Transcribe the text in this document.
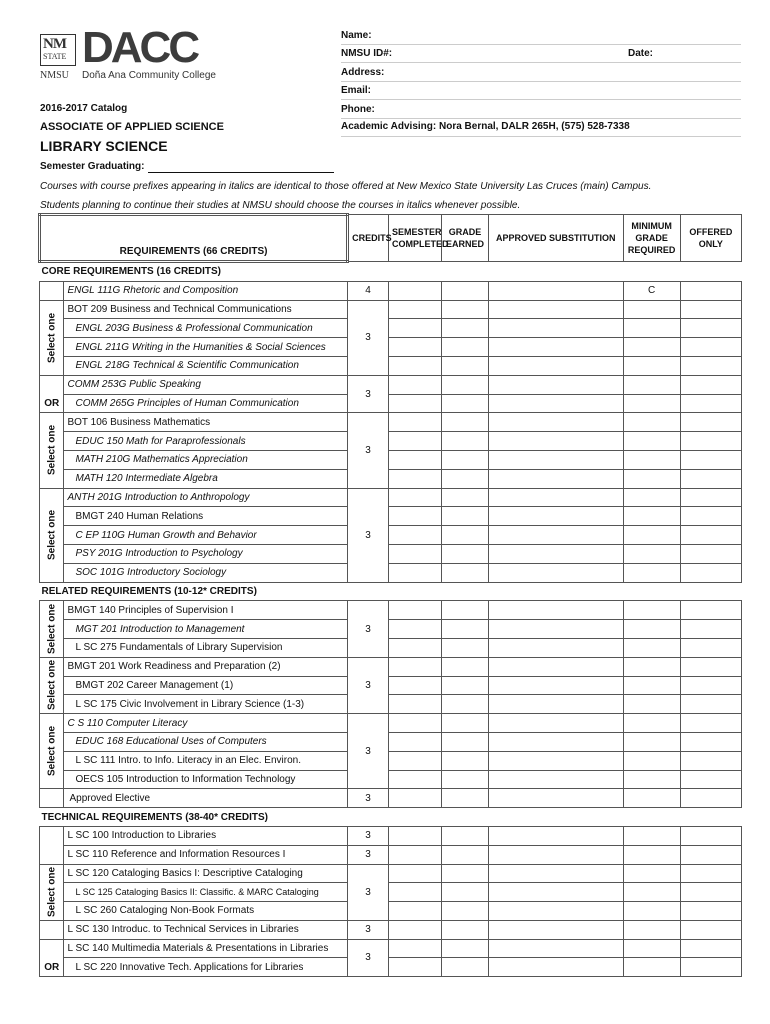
NM
STATE
NMSU
DACC
Doña Ana Community College
Name:
NMSU ID#:	Date:
Address:
Email:
Phone:
Academic Advising: Nora Bernal, DALR 265H, (575) 528-7338
2016-2017 Catalog
ASSOCIATE OF APPLIED SCIENCE
LIBRARY SCIENCE
Semester Graduating:
Courses with course prefixes appearing in italics are identical to those offered at New Mexico State University Las Cruces (main) Campus.
Students planning to continue their studies at NMSU should choose the courses in italics whenever possible.
REQUIREMENTS (66 CREDITS)		CREDITS	SEMESTER COMPLETED	GRADE EARNED	APPROVED SUBSTITUTION	MINIMUM GRADE REQUIRED	OFFERED ONLY
CORE REQUIREMENTS (16 CREDITS)							
	ENGL 111G Rhetoric and Composition	4				C	

Select one	BOT 209 Business and Technical Communications	3					
	ENGL 203G Business & Professional Communication						
	ENGL 211G Writing in the Humanities & Social Sciences						
	ENGL 218G Technical & Scientific Communication						
	COMM 253G Public Speaking	3					
OR	COMM 265G Principles of Human Communication						

Select one	BOT 106 Business Mathematics	3					
	EDUC 150 Math for Paraprofessionals						
	MATH 210G Mathematics Appreciation						
	MATH 120 Intermediate Algebra						

Select one	ANTH 201G Introduction to Anthropology	3					
	BMGT 240 Human Relations						
	C EP 110G Human Growth and Behavior						
	PSY 201G Introduction to Psychology						
	SOC 101G Introductory Sociology						
RELATED REQUIREMENTS (10-12* CREDITS)							

Select one	BMGT 140 Principles of Supervision I	3					
	MGT 201 Introduction to Management						
	L SC 275 Fundamentals of Library Supervision						

Select one	BMGT 201 Work Readiness and Preparation (2)	3					
	BMGT 202 Career Management (1)						
	L SC 175 Civic Involvement in Library Science (1-3)						

Select one	C S 110 Computer Literacy	3					
	EDUC 168 Educational Uses of Computers						
	L SC 111 Intro. to Info. Literacy in an Elec. Environ.						
	OECS 105 Introduction to Information Technology						
	Approved Elective	3					
TECHNICAL REQUIREMENTS (38-40* CREDITS)							
	L SC 100 Introduction to Libraries	3					
	L SC 110 Reference and Information Resources I	3					

Select one	L SC 120 Cataloging Basics I: Descriptive Cataloging	3					
	L SC 125 Cataloging Basics II: Classific. & MARC Cataloging						
	L SC 260 Cataloging Non-Book Formats						
	L SC 130 Introduc. to Technical Services in Libraries	3					
	L SC 140 Multimedia Materials & Presentations in Libraries	3					
OR	L SC 220 Innovative Tech. Applications for Libraries						
